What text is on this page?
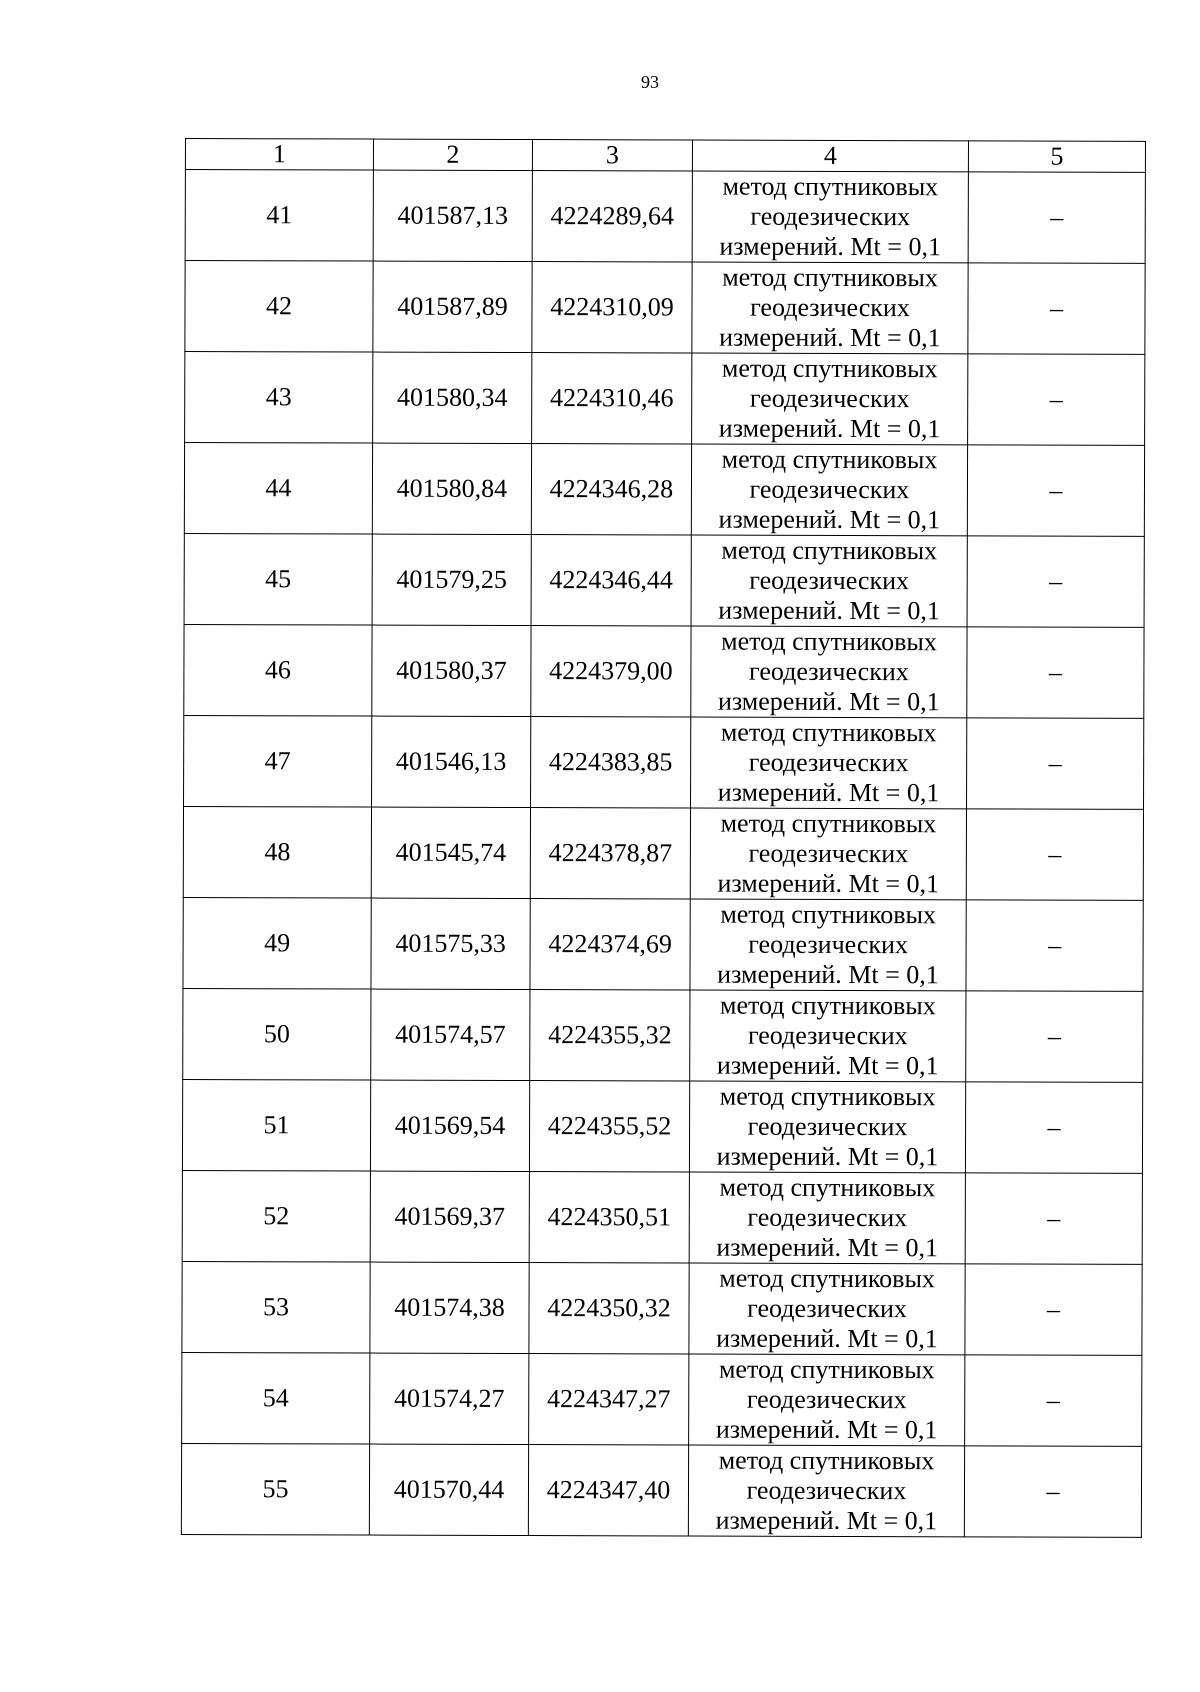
93
1	2	3	4	5
41	401587,13	4224289,64	метод спутниковых
геодезических
измерений. Mt = 0,1	–
42	401587,89	4224310,09	метод спутниковых
геодезических
измерений. Mt = 0,1	–
43	401580,34	4224310,46	метод спутниковых
геодезических
измерений. Mt = 0,1	–
44	401580,84	4224346,28	метод спутниковых
геодезических
измерений. Mt = 0,1	–
45	401579,25	4224346,44	метод спутниковых
геодезических
измерений. Mt = 0,1	–
46	401580,37	4224379,00	метод спутниковых
геодезических
измерений. Mt = 0,1	–
47	401546,13	4224383,85	метод спутниковых
геодезических
измерений. Mt = 0,1	–
48	401545,74	4224378,87	метод спутниковых
геодезических
измерений. Mt = 0,1	–
49	401575,33	4224374,69	метод спутниковых
геодезических
измерений. Mt = 0,1	–
50	401574,57	4224355,32	метод спутниковых
геодезических
измерений. Mt = 0,1	–
51	401569,54	4224355,52	метод спутниковых
геодезических
измерений. Mt = 0,1	–
52	401569,37	4224350,51	метод спутниковых
геодезических
измерений. Mt = 0,1	–
53	401574,38	4224350,32	метод спутниковых
геодезических
измерений. Mt = 0,1	–
54	401574,27	4224347,27	метод спутниковых
геодезических
измерений. Mt = 0,1	–
55	401570,44	4224347,40	метод спутниковых
геодезических
измерений. Mt = 0,1	–
